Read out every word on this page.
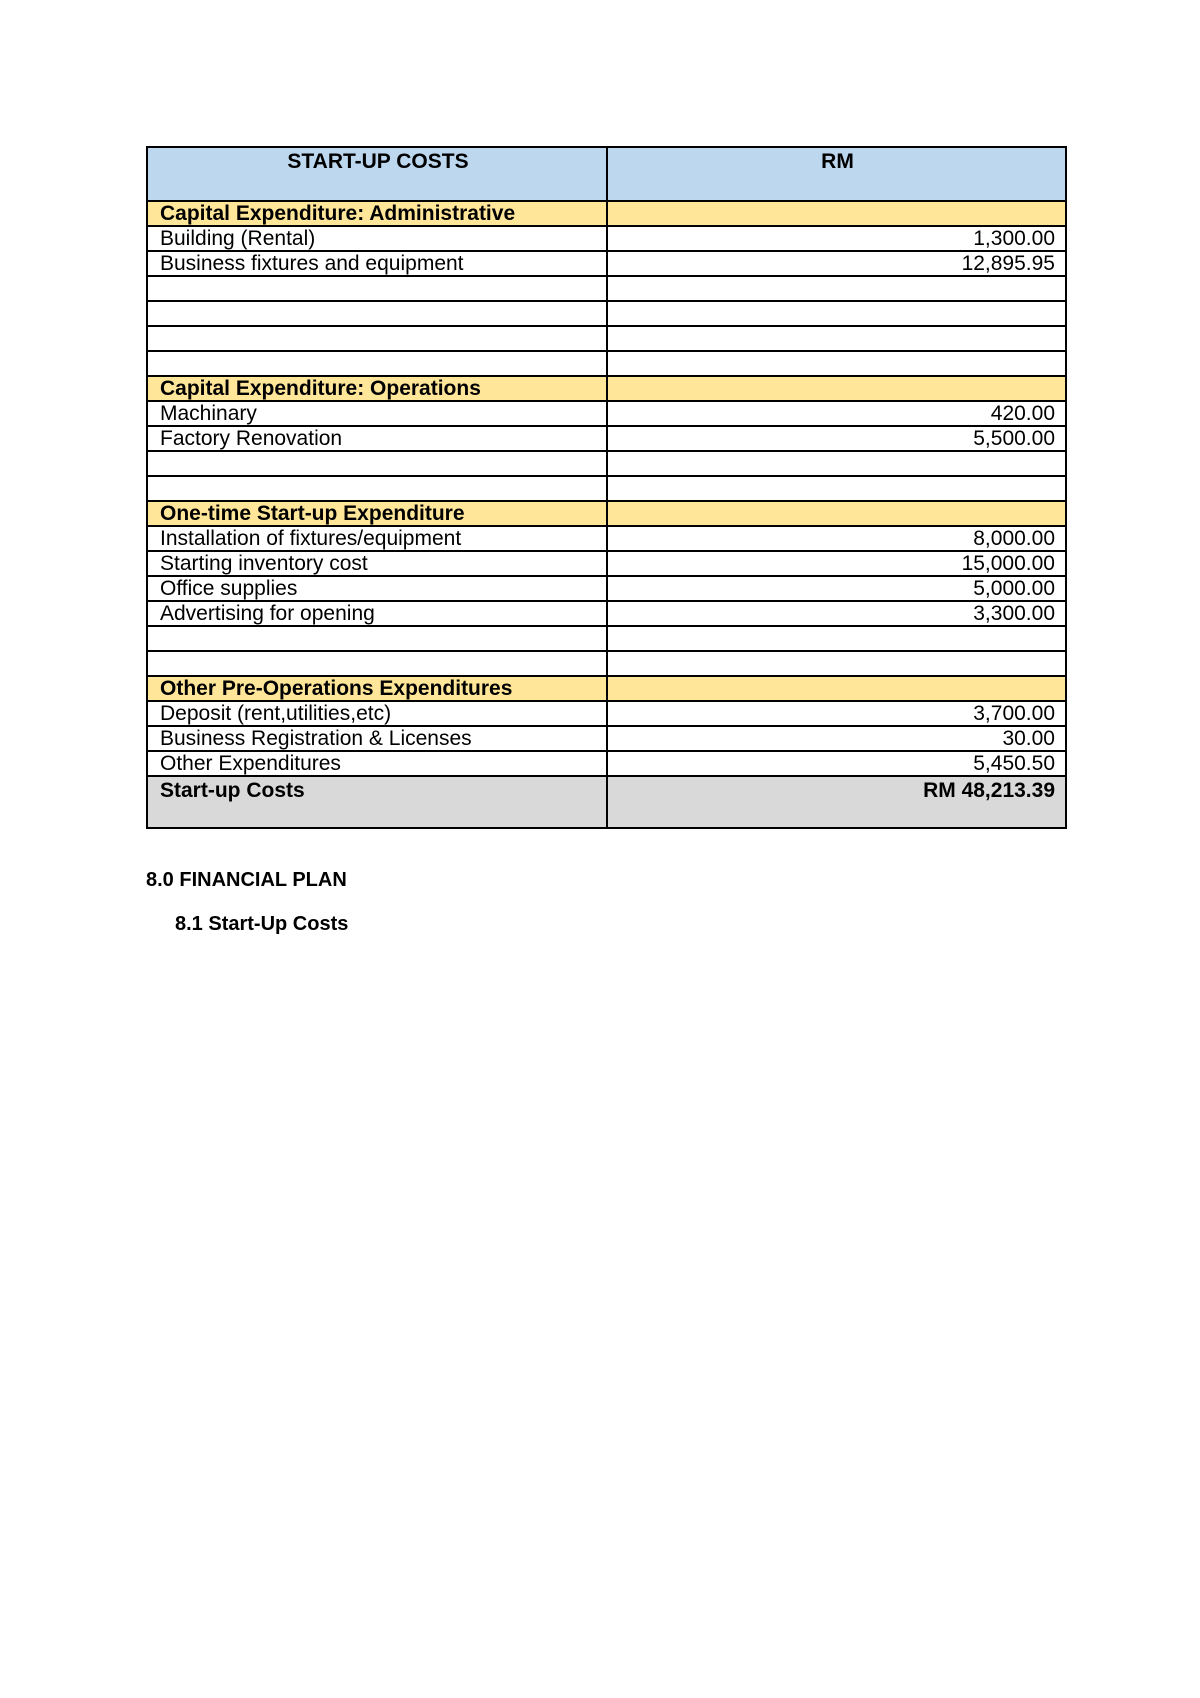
START-UP COSTS	RM
Capital Expenditure: Administrative	
Building (Rental)	1,300.00
Business fixtures and equipment	12,895.95

Capital Expenditure: Operations	
Machinary	420.00
Factory Renovation	5,500.00

One-time Start-up Expenditure	
Installation of fixtures/equipment	8,000.00
Starting inventory cost	15,000.00
Office supplies	5,000.00
Advertising for opening	3,300.00

Other Pre-Operations Expenditures	
Deposit (rent,utilities,etc)	3,700.00
Business Registration & Licenses	30.00
Other Expenditures	5,450.50
Start-up Costs	RM 48,213.39
8.0 FINANCIAL PLAN
8.1 Start-Up Costs
